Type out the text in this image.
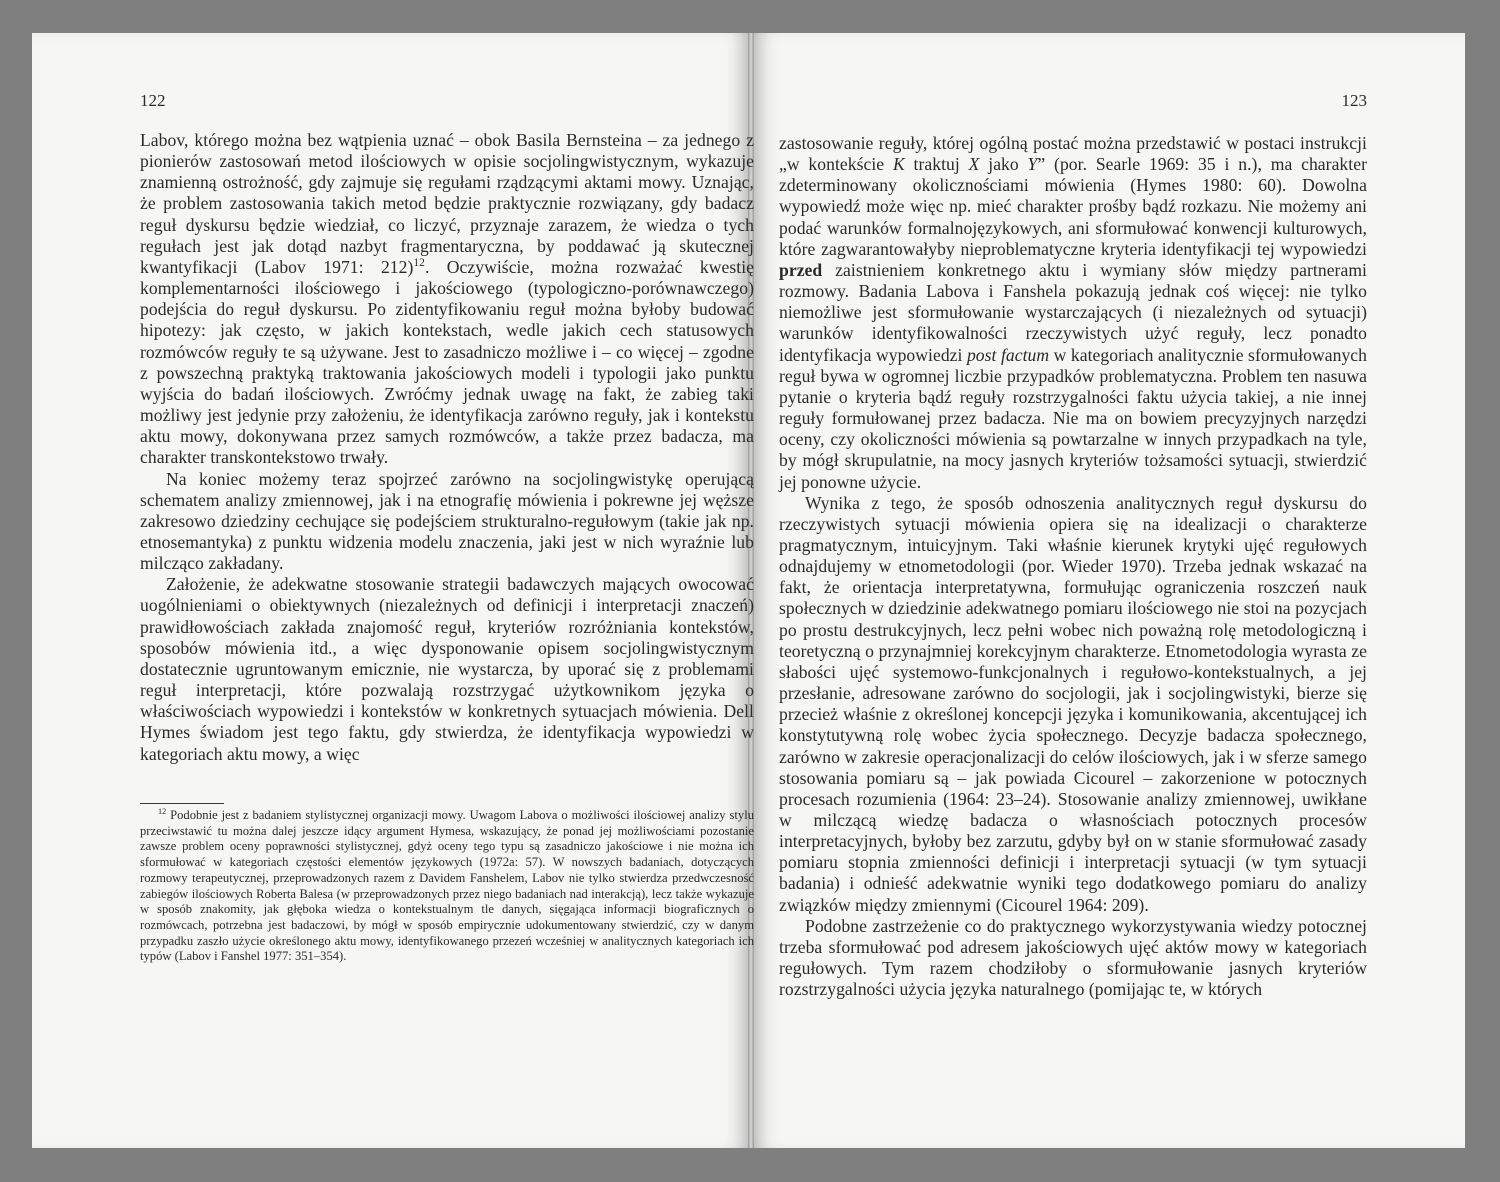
122

Labov, którego można bez wątpienia uznać – obok Basila Bernsteina – za jednego z pionierów zastosowań metod ilościowych w opisie socjolingwistycznym, wykazuje znamienną ostrożność, gdy zajmuje się regułami rządzącymi aktami mowy. Uznając, że problem zastosowania takich metod będzie praktycznie rozwiązany, gdy badacz reguł dyskursu będzie wiedział, co liczyć, przyznaje zarazem, że wiedza o tych regułach jest jak dotąd nazbyt fragmentaryczna, by poddawać ją skutecznej kwantyfikacji (Labov 1971: 212)$^{12}$. Oczywiście, można rozważać kwestię komplementarności ilościowego i jakościowego (typologiczno-porównawczego) podejścia do reguł dyskursu. Po zidentyfikowaniu reguł można byłoby budować hipotezy: jak często, w jakich kontekstach, wedle jakich cech statusowych rozmówców reguły te są używane. Jest to zasadniczo możliwe i – co więcej – zgodne z powszechną praktyką traktowania jakościowych modeli i typologii jako punktu wyjścia do badań ilościowych. Zwróćmy jednak uwagę na fakt, że zabieg taki możliwy jest jedynie przy założeniu, że identyfikacja zarówno reguły, jak i kontekstu aktu mowy, dokonywana przez samych rozmówców, a także przez badacza, ma charakter transkontekstowo trwały.

Na koniec możemy teraz spojrzeć zarówno na socjolingwistykę operującą schematem analizy zmiennowej, jak i na etnografię mówienia i pokrewne jej węższe zakresowo dziedziny cechujące się podejściem strukturalno-regułowym (takie jak np. etnosemantyka) z punktu widzenia modelu znaczenia, jaki jest w nich wyraźnie lub milcząco zakładany.

Założenie, że adekwatne stosowanie strategii badawczych mających owocować uogólnieniami o obiektywnych (niezależnych od definicji i interpretacji znaczeń) prawidłowościach zakłada znajomość reguł, kryteriów rozróżniania kontekstów, sposobów mówienia itd., a więc dysponowanie opisem socjolingwistycznym dostatecznie ugruntowanym emicznie, nie wystarcza, by uporać się z problemami reguł interpretacji, które pozwalają rozstrzygać użytkownikom języka o właściwościach wypowiedzi i kontekstów w konkretnych sytuacjach mówienia. Dell Hymes świadom jest tego faktu, gdy stwierdza, że identyfikacja wypowiedzi w kategoriach aktu mowy, a więc

$^{12}$ Podobnie jest z badaniem stylistycznej organizacji mowy. Uwagom Labova o możliwości ilościowej analizy stylu przeciwstawić tu można dalej jeszcze idący argument Hymesa, wskazujący, że ponad jej możliwościami pozostanie zawsze problem oceny poprawności stylistycznej, gdyż oceny tego typu są zasadniczo jakościowe i nie można ich sformułować w kategoriach częstości elementów językowych (1972a: 57). W nowszych badaniach, dotyczących rozmowy terapeutycznej, przeprowadzonych razem z Davidem Fanshelem, Labov nie tylko stwierdza przedwczesność zabiegów ilościowych Roberta Balesa (w przeprowadzonych przez niego badaniach nad interakcją), lecz także wykazuje w sposób znakomity, jak głęboka wiedza o kontekstualnym tle danych, sięgająca informacji biograficznych o rozmówcach, potrzebna jest badaczowi, by mógł w sposób empirycznie udokumentowany stwierdzić, czy w danym przypadku zaszło użycie określonego aktu mowy, identyfikowanego przezeń wcześniej w analitycznych kategoriach ich typów (Labov i Fanshel 1977: 351–354).
123

zastosowanie reguły, której ogólną postać można przedstawić w postaci instrukcji „w kontekście K traktuj X jako Y” (por. Searle 1969: 35 i n.), ma charakter zdeterminowany okolicznościami mówienia (Hymes 1980: 60). Dowolna wypowiedź może więc np. mieć charakter prośby bądź rozkazu. Nie możemy ani podać warunków formalnojęzykowych, ani sformułować konwencji kulturowych, które zagwarantowałyby nieproblematyczne kryteria identyfikacji tej wypowiedzi przed zaistnieniem konkretnego aktu i wymiany słów między partnerami rozmowy. Badania Labova i Fanshela pokazują jednak coś więcej: nie tylko niemożliwe jest sformułowanie wystarczających (i niezależnych od sytuacji) warunków identyfikowalności rzeczywistych użyć reguły, lecz ponadto identyfikacja wypowiedzi post factum w kategoriach analitycznie sformułowanych reguł bywa w ogromnej liczbie przypadków problematyczna. Problem ten nasuwa pytanie o kryteria bądź reguły rozstrzygalności faktu użycia takiej, a nie innej reguły formułowanej przez badacza. Nie ma on bowiem precyzyjnych narzędzi oceny, czy okoliczności mówienia są powtarzalne w innych przypadkach na tyle, by mógł skrupulatnie, na mocy jasnych kryteriów tożsamości sytuacji, stwierdzić jej ponowne użycie.

Wynika z tego, że sposób odnoszenia analitycznych reguł dyskursu do rzeczywistych sytuacji mówienia opiera się na idealizacji o charakterze pragmatycznym, intuicyjnym. Taki właśnie kierunek krytyki ujęć regułowych odnajdujemy w etnometodologii (por. Wieder 1970). Trzeba jednak wskazać na fakt, że orientacja interpretatywna, formułując ograniczenia roszczeń nauk społecznych w dziedzinie adekwatnego pomiaru ilościowego nie stoi na pozycjach po prostu destrukcyjnych, lecz pełni wobec nich poważną rolę metodologiczną i teoretyczną o przynajmniej korekcyjnym charakterze. Etnometodologia wyrasta ze słabości ujęć systemowo-funkcjonalnych i regułowo-kontekstualnych, a jej przesłanie, adresowane zarówno do socjologii, jak i socjolingwistyki, bierze się przecież właśnie z określonej koncepcji języka i komunikowania, akcentującej ich konstytutywną rolę wobec życia społecznego. Decyzje badacza społecznego, zarówno w zakresie operacjonalizacji do celów ilościowych, jak i w sferze samego stosowania pomiaru są – jak powiada Cicourel – zakorzenione w potocznych procesach rozumienia (1964: 23–24). Stosowanie analizy zmiennowej, uwikłane w milczącą wiedzę badacza o własnościach potocznych procesów interpretacyjnych, byłoby bez zarzutu, gdyby był on w stanie sformułować zasady pomiaru stopnia zmienności definicji i interpretacji sytuacji (w tym sytuacji badania) i odnieść adekwatnie wyniki tego dodatkowego pomiaru do analizy związków między zmiennymi (Cicourel 1964: 209).

Podobne zastrzeżenie co do praktycznego wykorzystywania wiedzy potocznej trzeba sformułować pod adresem jakościowych ujęć aktów mowy w kategoriach regułowych. Tym razem chodziłoby o sformułowanie jasnych kryteriów rozstrzygalności użycia języka naturalnego (pomijając te, w których
